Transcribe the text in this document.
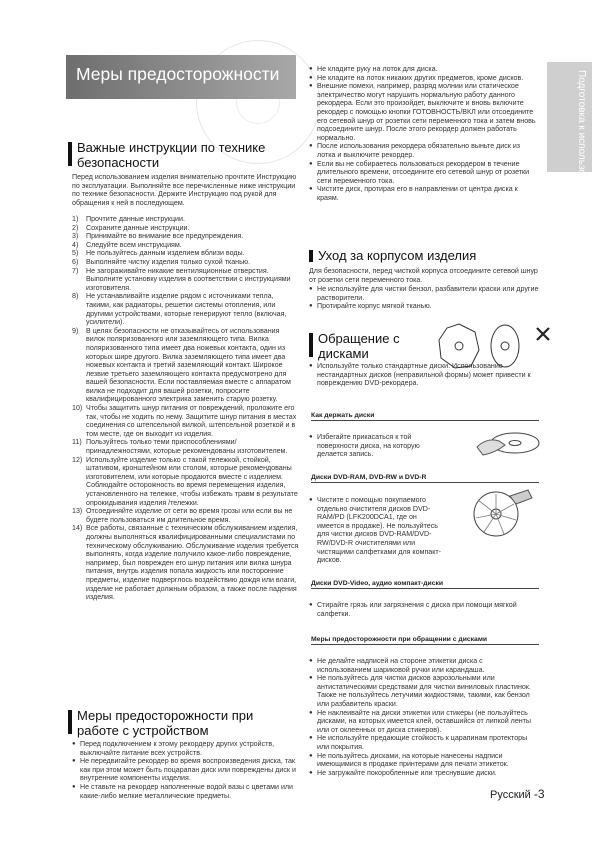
Меры предосторожности	Подготовка к использованию
Важные инструкции по технике безопасности
Перед использованием изделия внимательно прочтите Инструкцию по эксплуатации. Выполняйте все перечисленные ниже инструкции по технике безопасности. Держите Инструкцию под рукой для обращения к ней в последующем.
1) Прочтите данные инструкции.
2) Сохраните данные инструкции.
3) Принимайте во внимание все предупреждения.
4) Следуйте всем инструкциям.
5) Не пользуйтесь данным изделием вблизи воды.
6) Выполняйте чистку изделия только сухой тканью.
7) Не загораживайте никакие вентиляционные отверстия. Выполните установку изделия в соответствии с инструкциями изготовителя.
8) Не устанавливайте изделие рядом с источниками тепла, такими, как радиаторы, решетки системы отопления, или другими устройствами, которые генерируют тепло (включая, усилители).
9) В целях безопасности не отказывайтесь от использования вилок поляризованного или заземляющего типа. Вилка поляризованного типа имеет два ножевых контакта, один из которых шире другого. Вилка заземляющего типа имеет два ножевых контакта и третий заземляющий контакт. Широкое лезвие третьего заземляющего контакта предусмотрено для вашей безопасности. Если поставляемая вместе с аппаратом вилка не подходит для вашей розетки, попросите квалифицированного электрика заменить старую розетку.
10) Чтобы защитить шнур питания от повреждений, проложите его так, чтобы не ходить по нему. Защитите шнур питания в местах соединения со штепсельной вилкой, штепсельной розеткой и в том месте, где он выходит из изделия.
11) Пользуйтесь только теми приспособлениями/принадлежностями, которые рекомендованы изготовителем.
12) Используйте изделие только с такой тележкой, стойкой, штативом, кронштейном или столом, которые рекомендованы изготовителем, или которые продаются вместе с изделием. Соблюдайте осторожность во время перемещения изделия, установленного на тележке, чтобы избежать травм в результате опрокидывания изделия /тележки.
13) Отсоединяйте изделие от сети во время грозы или если вы не будете пользоваться им длительное время.
14) Все работы, связанные с техническим обслуживанием изделия, должны выполняться квалифицированными специалистами по техническому обслуживанию. Обслуживание изделия требуется выполнять, когда изделие получило какое-либо повреждение, например, был поврежден его шнур питания или вилка шнура питания, внутрь изделия попала жидкость или посторонние предметы, изделие подверглось воздействию дождя или влаги, изделие не работает должным образом, а также после падения изделия.
Меры предосторожности при работе с устройством
● Перед подключением к этому рекордеру других устройств, выключайте питание всех устройств.
● Не передвигайте рекордер во время воспроизведения диска, так как при этом может быть поцарапан диск или повреждены диск и внутренние компоненты изделия.
● Не ставьте на рекордер наполненные водой вазы с цветами или какие-либо мелкие металлические предметы.
● Не кладите руку на лоток для диска.
● Не кладите на лоток никаких других предметов, кроме дисков.
● Внешние помехи, например, разряд молнии или статическое электричество могут нарушить нормальную работу данного рекордера. Если это произойдет, выключите и вновь включите рекордер с помощью кнопки ГОТОВНОСТЬ/ВКЛ или отсоедините его сетевой шнур от розетки сети переменного тока и затем вновь подсоедините шнур. После этого рекордер должен работать нормально.
● После использования рекордера обязательно выньте диск из лотка и выключите рекордер.
● Если вы не собираетесь пользоваться рекордером в течение длительного времени, отсоедините его сетевой шнур от розетки сети переменного тока.
● Чистите диск, протирая его в направлении от центра диска к краям.
Уход за корпусом изделия
Для безопасности, перед чисткой корпуса отсоедините сетевой шнур от розетки сети переменного тока.
● Не используйте для чистки бензол, разбавители краски или другие растворители.
● Протирайте корпус мягкой тканью.
Обращение с дисками
● Используйте только стандартные диски. Использование нестандартных дисков (неправильной формы) может привести к повреждению DVD-рекордера.
Как держать диски
● Избегайте прикасаться к той поверхности диска, на которую делается запись.
Диски DVD-RAM, DVD-RW и DVD-R
● Чистите с помощью покупаемого отдельно очистителя дисков DVD-RAM/PD (LFK200DCA1, где он имеется в продаже). Не пользуйтесь для чистки дисков DVD-RAM/DVD-RW/DVD-R очистителями или чистящими салфетками для компакт-дисков.
Диски DVD-Video, аудио компакт-диски
● Стирайте грязь или загрязнения с диска при помощи мягкой салфетки.
Меры предосторожности при обращении с дисками
● Не делайте надписей на стороне этикетки диска с использованием шариковой ручки или карандаша.
● Не пользуйтесь для чистки дисков аэрозольными или антистатическими средствами для чистки виниловых пластинок. Также не пользуйтесь летучими жидкостями, такими, как бензол или разбавитель краски.
● Не наклеивайте на диски этикетки или стикеры (не пользуйтесь дисками, на которых имеется клей, оставшийся от липкой ленты или от оклеенных от диска стикеров).
● Не используйте предающие стойкость к царапинам протекторы или покрытия.
● Не пользуйтесь дисками, на которые нанесены надписи имеющимися в продаже принтерами для печати этикеток.
● Не загружайте покоробленные или треснувшие диски.
Русский -3
